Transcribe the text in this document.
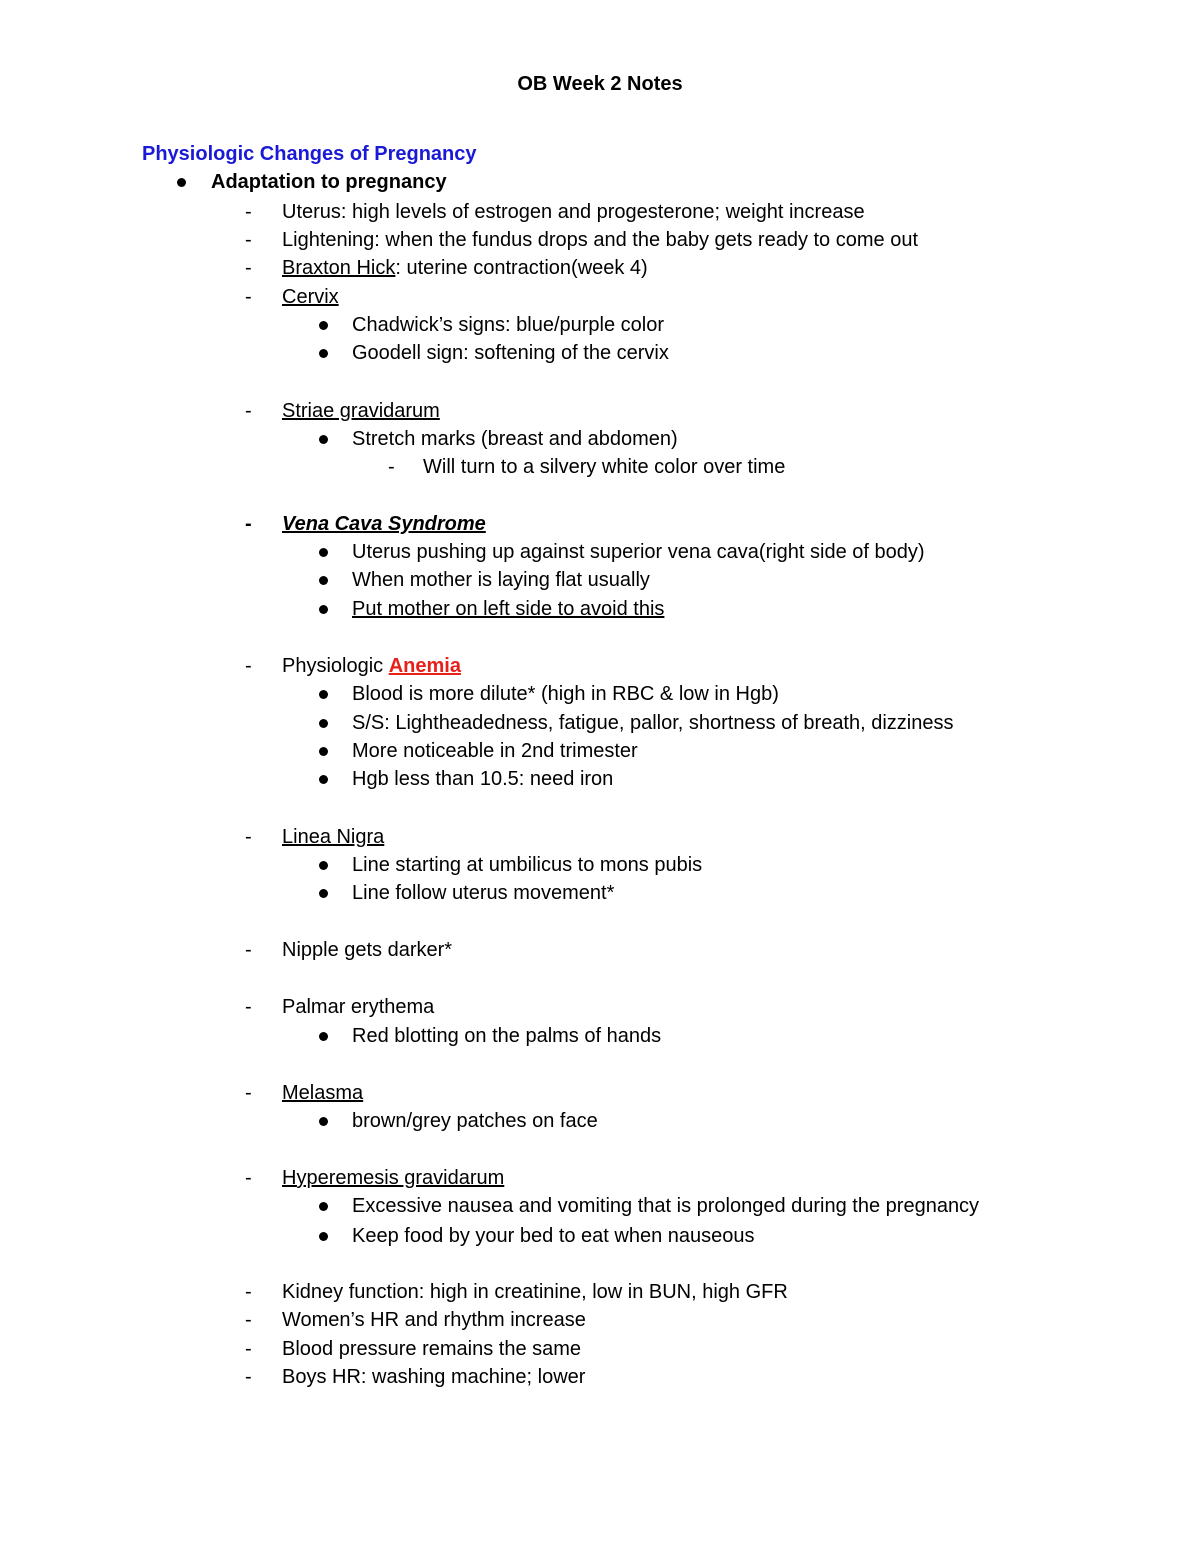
OB Week 2 Notes
Physiologic Changes of Pregnancy
Adaptation to pregnancy
- Uterus: high levels of estrogen and progesterone; weight increase
- Lightening: when the fundus drops and the baby gets ready to come out
- Braxton Hick: uterine contraction(week 4)
- Cervix
Chadwick’s signs: blue/purple color
Goodell sign: softening of the cervix
- Striae gravidarum
Stretch marks (breast and abdomen)
- Will turn to a silvery white color over time
- Vena Cava Syndrome
Uterus pushing up against superior vena cava(right side of body)
When mother is laying flat usually
Put mother on left side to avoid this
- Physiologic Anemia
Blood is more dilute* (high in RBC & low in Hgb)
S/S: Lightheadedness, fatigue, pallor, shortness of breath, dizziness
More noticeable in 2nd trimester
Hgb less than 10.5: need iron
- Linea Nigra
Line starting at umbilicus to mons pubis
Line follow uterus movement*
- Nipple gets darker*
- Palmar erythema
Red blotting on the palms of hands
- Melasma
brown/grey patches on face
- Hyperemesis gravidarum
Excessive nausea and vomiting that is prolonged during the pregnancy
Keep food by your bed to eat when nauseous
- Kidney function: high in creatinine, low in BUN, high GFR
- Women’s HR and rhythm increase
- Blood pressure remains the same
- Boys HR: washing machine; lower
